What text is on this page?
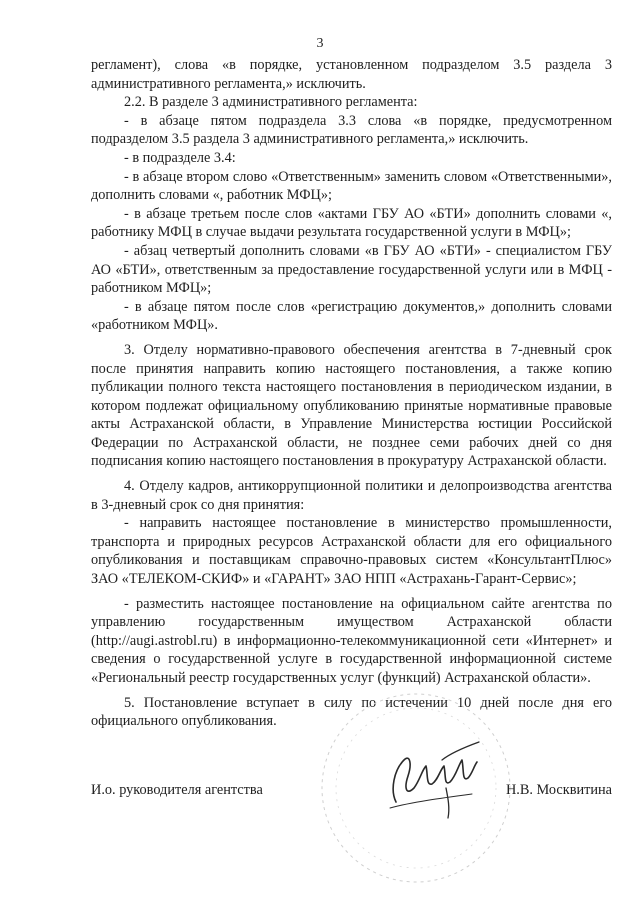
3

регламент), слова «в порядке, установленном подразделом 3.5 раздела 3 административного регламента,» исключить.

2.2. В разделе 3 административного регламента:

- в абзаце пятом подраздела 3.3 слова «в порядке, предусмотренном подразделом 3.5 раздела 3 административного регламента,» исключить.

- в подразделе 3.4:

- в абзаце втором слово «Ответственным» заменить словом «Ответственными», дополнить словами «, работник МФЦ»;

- в абзаце третьем после слов «актами ГБУ АО «БТИ» дополнить словами «, работнику МФЦ в случае выдачи результата государственной услуги в МФЦ»;

- абзац четвертый дополнить словами «в ГБУ АО «БТИ» - специалистом ГБУ АО «БТИ», ответственным за предоставление государственной услуги или в МФЦ - работником МФЦ»;

- в абзаце пятом после слов «регистрацию документов,» дополнить словами «работником МФЦ».

3. Отделу нормативно-правового обеспечения агентства в 7-дневный срок после принятия направить копию настоящего постановления, а также копию публикации полного текста настоящего постановления в периодическом издании, в котором подлежат официальному опубликованию принятые нормативные правовые акты Астраханской области, в Управление Министерства юстиции Российской Федерации по Астраханской области, не позднее семи рабочих дней со дня подписания копию настоящего постановления в прокуратуру Астраханской области.

4. Отделу кадров, антикоррупционной политики и делопроизводства агентства в 3-дневный срок со дня принятия:

- направить настоящее постановление в министерство промышленности, транспорта и природных ресурсов Астраханской области для его официального опубликования и поставщикам справочно-правовых систем «КонсультантПлюс» ЗАО «ТЕЛЕКОМ-СКИФ» и «ГАРАНТ» ЗАО НПП «Астрахань-Гарант-Сервис»;

- разместить настоящее постановление на официальном сайте агентства по управлению государственным имуществом Астраханской области (http://augi.astrobl.ru) в информационно-телекоммуникационной сети «Интернет» и сведения о государственной услуге в государственной информационной системе «Региональный реестр государственных услуг (функций) Астраханской области».

5. Постановление вступает в силу по истечении 10 дней после дня его официального опубликования.

И.о. руководителя агентства	Н.В. Москвитина
